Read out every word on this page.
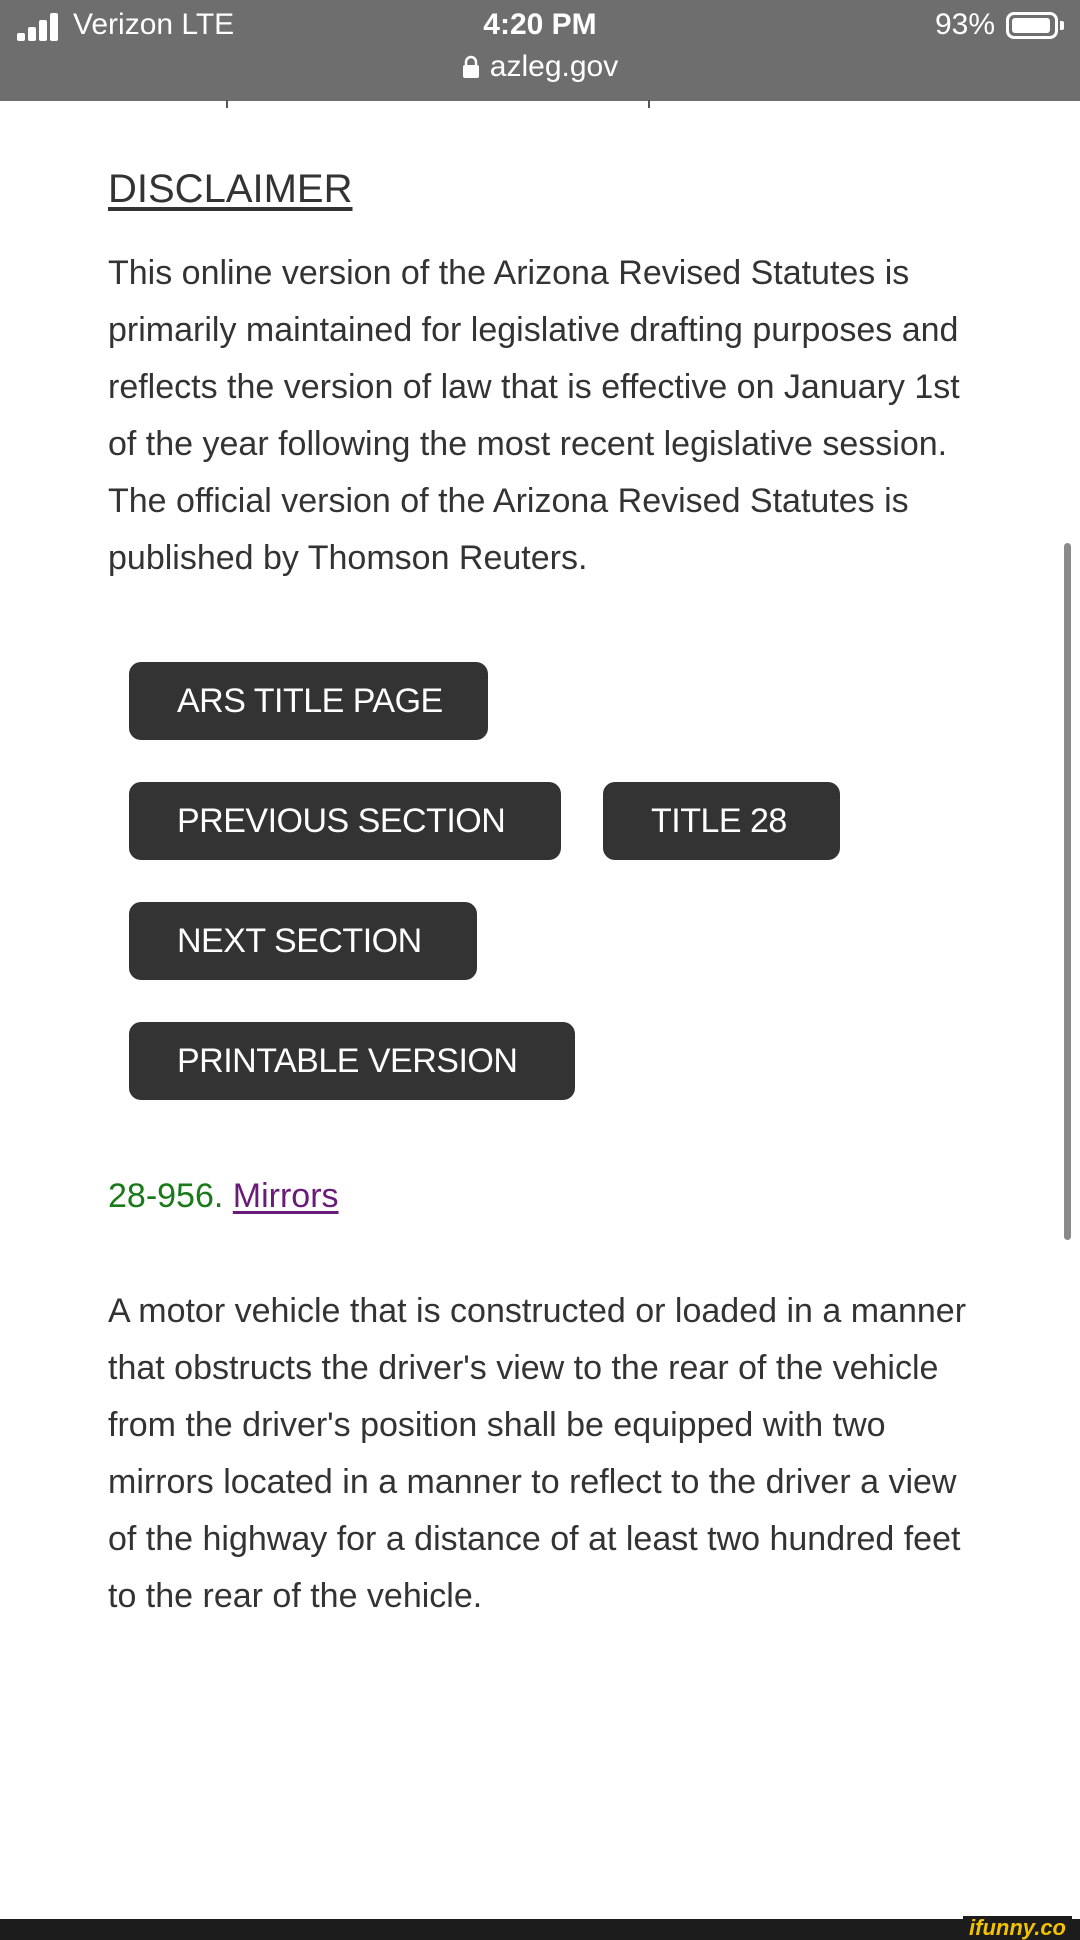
Verizon LTE	4:20 PM	93%
azleg.gov
DISCLAIMER

This online version of the Arizona Revised Statutes is primarily maintained for legislative drafting purposes and reflects the version of law that is effective on January 1st of the year following the most recent legislative session. The official version of the Arizona Revised Statutes is published by Thomson Reuters.

ARS TITLE PAGE
PREVIOUS SECTION	TITLE 28
NEXT SECTION
PRINTABLE VERSION
28-956. Mirrors

A motor vehicle that is constructed or loaded in a manner that obstructs the driver's view to the rear of the vehicle from the driver's position shall be equipped with two mirrors located in a manner to reflect to the driver a view of the highway for a distance of at least two hundred feet to the rear of the vehicle.

ifunny.co
